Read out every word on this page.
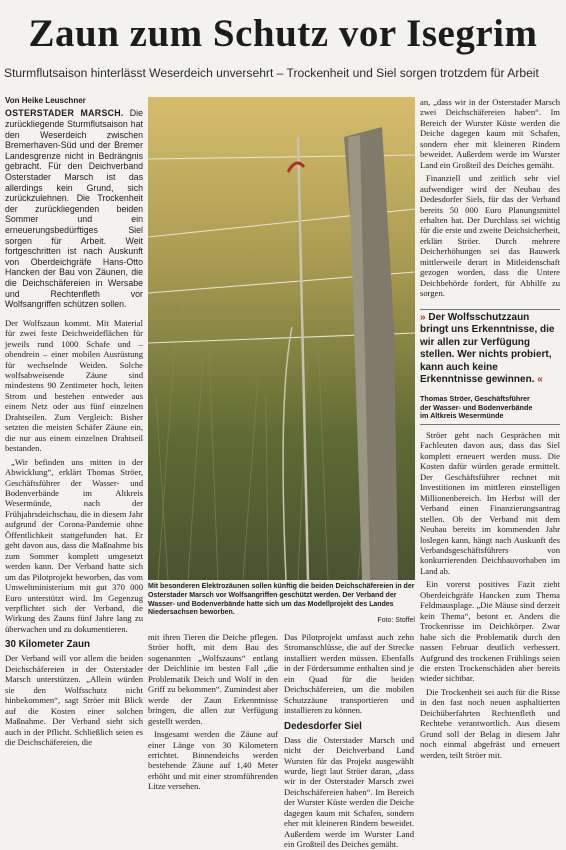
Zaun zum Schutz vor Isegrim

Sturmflutsaison hinterlässt Weserdeich unversehrt – Trockenheit und Siel sorgen trotzdem für Arbeit

Von Heike Leuschner

OSTERSTADER MARSCH. Die zurückliegende Sturmflutsaison hat den Weserdeich zwischen Bremerhaven-Süd und der Bremer Landesgrenze nicht in Bedrängnis gebracht. Für den Deichverband Osterstader Marsch ist das allerdings kein Grund, sich zurückzulehnen. Die Trockenheit der zurückliegenden beiden Sommer und ein erneuerungsbedürftiges Siel sorgen für Arbeit. Weit fortgeschritten ist nach Auskunft von Oberdeichgräfe Hans-Otto Hancken der Bau von Zäunen, die die Deichschäfereien in Wersabe und Rechtenfleth vor Wolfsangriffen schützen sollen.

Der Wolfszaun kommt. Mit Material für zwei feste Deichweideflächen für jeweils rund 1000 Schafe und – obendrein – einer mobilen Ausrüstung für wechselnde Weiden. Solche wolfsabweisende Zäune sind mindestens 90 Zentimeter hoch, leiten Strom und bestehen entweder aus einem Netz oder aus fünf einzelnen Drahtseilen. Zum Vergleich: Bisher setzten die meisten Schäfer Zäune ein, die nur aus einem einzelnen Drahtseil bestanden.

„Wir befinden uns mitten in der Abwicklung“, erklärt Thomas Ströer, Geschäftsführer der Wasser- und Bodenverbände im Altkreis Wesermünde, nach der Frühjahrsdeichschau, die in diesem Jahr aufgrund der Corona-Pandemie ohne Öffentlichkeit stattgefunden hat. Er geht davon aus, dass die Maßnahme bis zum Sommer komplett umgesetzt werden kann. Der Verband hatte sich um das Pilotprojekt beworben, das vom Umweltministerium mit gut 370 000 Euro unterstützt wird. Im Gegenzug verpflichtet sich der Verband, die Wirkung des Zauns fünf Jahre lang zu überwachen und zu dokumentieren.

30 Kilometer Zaun

Der Verband will vor allem die beiden Deichschäfereien in der Osterstader Marsch unterstützen. „Allein würden sie den Wolfsschutz nicht hinbekommen“, sagt Ströer mit Blick auf die Kosten einer solchen Maßnahme. Der Verband sieht sich auch in der Pflicht. Schließlich seien es die Deichschäfereien, die

Mit besonderen Elektrozäunen sollen künftig die beiden Deichschäfereien in der Osterstader Marsch vor Wolfsangriffen geschützt werden. Der Verband der Wasser- und Bodenverbände hatte sich um das Modellprojekt des Landes Niedersachsen beworben.
Foto: Stoffel

mit ihren Tieren die Deiche pflegen. Ströer hofft, mit dem Bau des sogenannten „Wolfszauns“ entlang der Deichlinie im besten Fall „die Problematik Deich und Wolf in den Griff zu bekommen“. Zumindest aber werde der Zaun Erkenntnisse bringen, die allen zur Verfügung gestellt werden.

Insgesamt werden die Zäune auf einer Länge von 30 Kilometern errichtet. Binnendeichs werden bestehende Zäune auf 1,40 Meter erhöht und mit einer stromführenden Litze versehen.

Das Pilotprojekt umfasst auch zehn Stromanschlüsse, die auf der Strecke installiert werden müssen. Ebenfalls in der Fördersumme enthalten sind je ein Quad für die beiden Deichschäfereien, um die mobilen Schutzzäune transportieren und installieren zu können.

Dedesdorfer Siel

Dass die Osterstader Marsch und nicht der Deichverband Land Wursten für das Projekt ausgewählt wurde, liegt laut Ströer daran, „dass wir in der Osterstader Marsch zwei Deichschäfereien haben“. Im Bereich der Wurster Küste werden die Deiche dagegen kaum mit Schafen, sondern eher mit kleineren Rindern beweidet. Außerdem werde im Wurster Land ein Großteil des Deiches gemäht.

an, „dass wir in der Osterstader Marsch zwei Deichschäfereien haben“. Im Bereich der Wurster Küste werden die Deiche dagegen kaum mit Schafen, sondern eher mit kleineren Rindern beweidet. Außerdem werde im Wurster Land ein Großteil des Deiches gemäht.

Finanziell und zeitlich sehr viel aufwendiger wird der Neubau des Dedesdorfer Siels, für das der Verband bereits 50 000 Euro Planungsmittel erhalten hat. Der Durchlass sei wichtig für die erste und zweite Deichsicherheit, erklärt Ströer. Durch mehrere Deicherhöhungen sei das Bauwerk mittlerweile derart in Mitleidenschaft gezogen worden, dass die Untere Deichbehörde fordert, für Abhilfe zu sorgen.

» Der Wolfsschutzzaun bringt uns Erkenntnisse, die wir allen zur Verfügung stellen. Wer nichts probiert, kann auch keine Erkenntnisse gewinnen. «
Thomas Ströer, Geschäftsführer
der Wasser- und Bodenverbände
im Altkreis Wesermünde

Ströer geht nach Gesprächen mit Fachleuten davon aus, dass das Siel komplett erneuert werden muss. Die Kosten dafür würden gerade ermittelt. Der Geschäftsführer rechnet mit Investitionen im mittleren einstelligen Millionenbereich. Im Herbst will der Verband einen Finanzierungsantrag stellen. Ob der Verband mit dem Neubau bereits im kommenden Jahr loslegen kann, hängt nach Auskunft des Verbandsgeschäftsführers von konkurrierenden Deichbauvorhaben im Land ab.

Ein vorerst positives Fazit zieht Oberdeichgräfe Hancken zum Thema Feldmausplage. „Die Mäuse sind derzeit kein Thema“, betont er. Anders die Trockenrisse im Deichkörper. Zwar habe sich die Problematik durch den nassen Februar deutlich verbessert. Aufgrund des trockenen Frühlings seien die ersten Trockenschäden aber bereits wieder sichtbar.

Die Trockenheit sei auch für die Risse in den fast noch neuen asphaltierten Deichüberfahrten Rechtenfleth und Rechtebe verantwortlich. Aus diesem Grund soll der Belag in diesem Jahr noch einmal abgefräst und erneuert werden, teilt Ströer mit.
